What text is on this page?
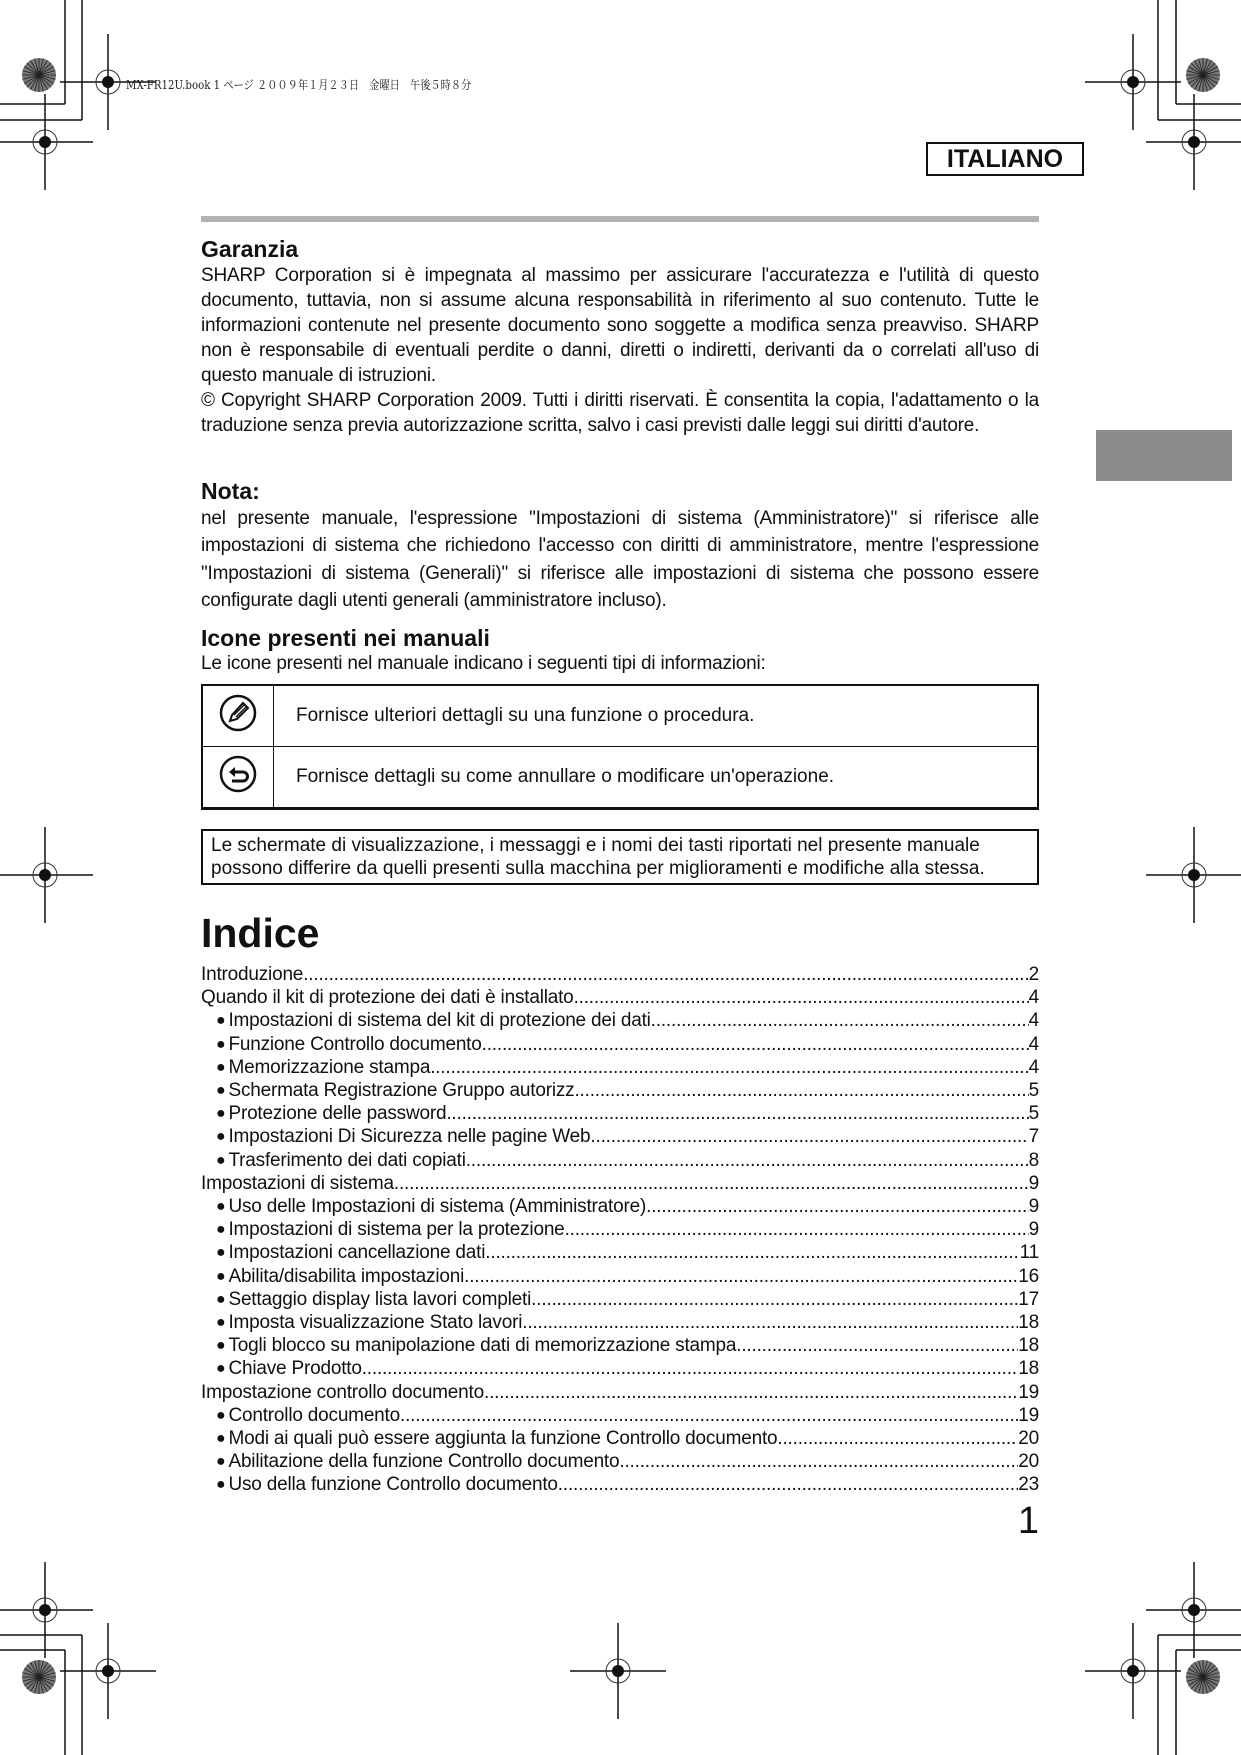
MX-FR12U.book 1 ページ ２００９年１月２３日　金曜日　午後５時８分
ITALIANO
Garanzia

SHARP Corporation si è impegnata al massimo per assicurare l'accuratezza e l'utilità di questo documento, tuttavia, non si assume alcuna responsabilità in riferimento al suo contenuto. Tutte le informazioni contenute nel presente documento sono soggette a modifica senza preavviso. SHARP non è responsabile di eventuali perdite o danni, diretti o indiretti, derivanti da o correlati all'uso di questo manuale di istruzioni.

© Copyright SHARP Corporation 2009. Tutti i diritti riservati. È consentita la copia, l'adattamento o la traduzione senza previa autorizzazione scritta, salvo i casi previsti dalle leggi sui diritti d'autore.

Nota:

nel presente manuale, l'espressione "Impostazioni di sistema (Amministratore)" si riferisce alle impostazioni di sistema che richiedono l'accesso con diritti di amministratore, mentre l'espressione "Impostazioni di sistema (Generali)" si riferisce alle impostazioni di sistema che possono essere configurate dagli utenti generali (amministratore incluso).

Icone presenti nei manuali

Le icone presenti nel manuale indicano i seguenti tipi di informazioni:

	Fornisce ulteriori dettagli su una funzione o procedura.
	Fornisce dettagli su come annullare o modificare un'operazione.
Le schermate di visualizzazione, i messaggi e i nomi dei tasti riportati nel presente manuale possono differire da quelli presenti sulla macchina per miglioramenti e modifiche alla stessa.
Indice
Introduzione .....	2
Quando il kit di protezione dei dati è installato .....	4
● Impostazioni di sistema del kit di protezione dei dati .....	4
● Funzione Controllo documento .....	4
● Memorizzazione stampa .....	4
● Schermata Registrazione Gruppo autorizz. .....	5
● Protezione delle password .....	5
● Impostazioni Di Sicurezza nelle pagine Web .....	7
● Trasferimento dei dati copiati .....	8
Impostazioni di sistema .....	9
● Uso delle Impostazioni di sistema (Amministratore) .....	9
● Impostazioni di sistema per la protezione .....	9
● Impostazioni cancellazione dati .....	11
● Abilita/disabilita impostazioni .....	16
● Settaggio display lista lavori completi. .....	17
● Imposta visualizzazione Stato lavori .....	18
● Togli blocco su manipolazione dati di memorizzazione stampa .....	18
● Chiave Prodotto .....	18
Impostazione controllo documento .....	19
● Controllo documento .....	19
● Modi ai quali può essere aggiunta la funzione Controllo documento .....	20
● Abilitazione della funzione Controllo documento .....	20
● Uso della funzione Controllo documento .....	23
1
